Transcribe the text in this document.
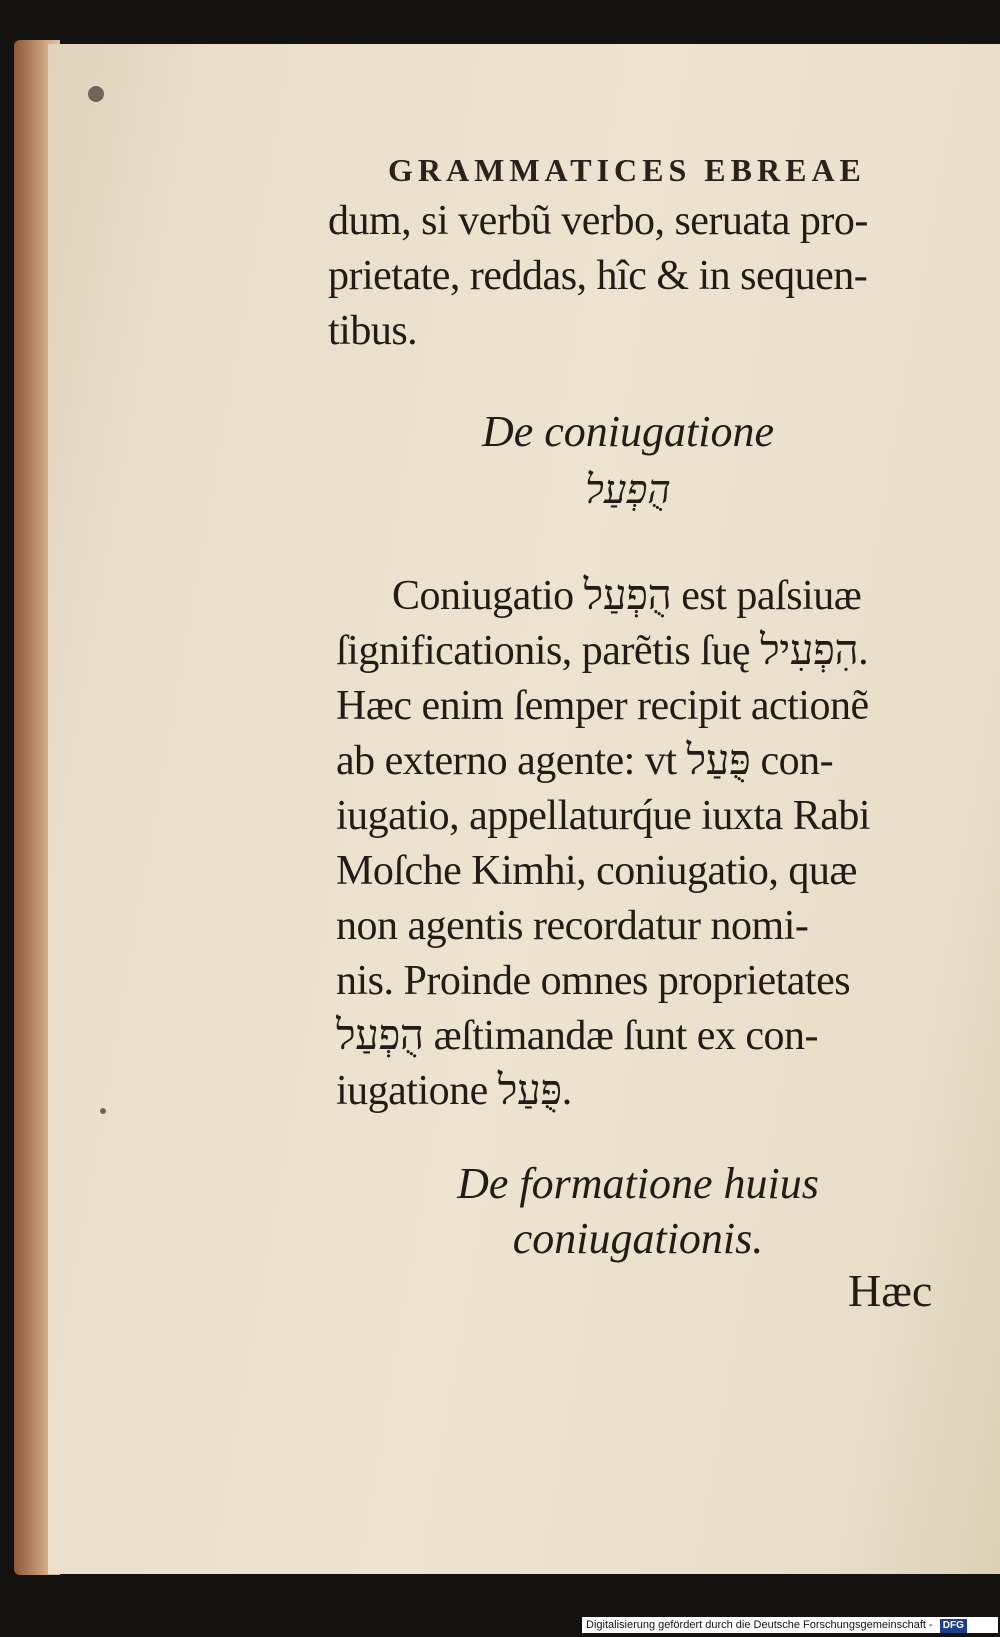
GRAMMATICES EBREAE
dum, si verbũ verbo, seruata pro-
prietate, reddas, hîc & in sequen-
tibus.
De coniugatione
הֻפְעַל
Coniugatio הֻפְעַל est paſsiuæ
ſignificationis, parẽtis ſuę הִפְעִיל.
Hæc enim ſemper recipit actionẽ
ab externo agente: vt פֻּעַל con-
iugatio, appellaturq́ue iuxta Rabi
Moſche Kimhi, coniugatio, quæ
non agentis recordatur nomi-
nis. Proinde omnes proprietates
הֻפְעַל æſtimandæ ſunt ex con-
iugatione פֻּעַל.
De formatione huius
coniugationis.
Hæc
Digitalisierung gefördert durch die Deutsche Forschungsgemeinschaft - DFG
